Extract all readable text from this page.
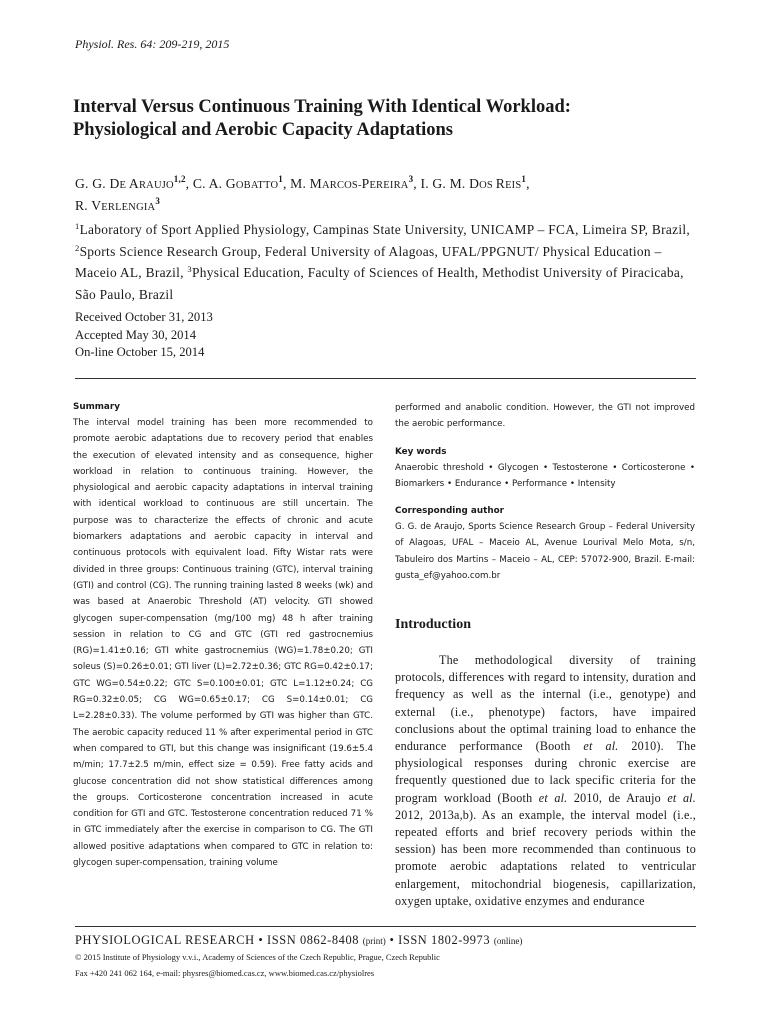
Physiol. Res. 64: 209-219, 2015
Interval Versus Continuous Training With Identical Workload:
Physiological and Aerobic Capacity Adaptations

G. G. DE ARAUJO$^{1,2}$, C. A. GOBATTO$^1$, M. MARCOS-PEREIRA$^3$, I. G. M. DOS REIS$^1$,
R. VERLENGIA$^3$

$^1$Laboratory of Sport Applied Physiology, Campinas State University, UNICAMP – FCA, Limeira SP, Brazil, $^2$Sports Science Research Group, Federal University of Alagoas, UFAL/PPGNUT/ Physical Education – Maceio AL, Brazil, $^3$Physical Education, Faculty of Sciences of Health, Methodist University of Piracicaba, São Paulo, Brazil

Received October 31, 2013
Accepted May 30, 2014
On-line October 15, 2014

Summary

The interval model training has been more recommended to promote aerobic adaptations due to recovery period that enables the execution of elevated intensity and as consequence, higher workload in relation to continuous training. However, the physiological and aerobic capacity adaptations in interval training with identical workload to continuous are still uncertain. The purpose was to characterize the effects of chronic and acute biomarkers adaptations and aerobic capacity in interval and continuous protocols with equivalent load. Fifty Wistar rats were divided in three groups: Continuous training (GTC), interval training (GTI) and control (CG). The running training lasted 8 weeks (wk) and was based at Anaerobic Threshold (AT) velocity. GTI showed glycogen super-compensation (mg/100 mg) 48 h after training session in relation to CG and GTC (GTI red gastrocnemius (RG)=1.41±0.16; GTI white gastrocnemius (WG)=1.78±0.20; GTI soleus (S)=0.26±0.01; GTI liver (L)=2.72±0.36; GTC RG=0.42±0.17; GTC WG=0.54±0.22; GTC S=0.100±0.01; GTC L=1.12±0.24; CG RG=0.32±0.05; CG WG=0.65±0.17; CG S=0.14±0.01; CG L=2.28±0.33). The volume performed by GTI was higher than GTC. The aerobic capacity reduced 11 % after experimental period in GTC when compared to GTI, but this change was insignificant (19.6±5.4 m/min; 17.7±2.5 m/min, effect size = 0.59). Free fatty acids and glucose concentration did not show statistical differences among the groups. Corticosterone concentration increased in acute condition for GTI and GTC. Testosterone concentration reduced 71 % in GTC immediately after the exercise in comparison to CG. The GTI allowed positive adaptations when compared to GTC in relation to: glycogen super-compensation, training volume

performed and anabolic condition. However, the GTI not improved the aerobic performance.

Key words

Anaerobic threshold • Glycogen • Testosterone • Corticosterone • Biomarkers • Endurance • Performance • Intensity

Corresponding author

G. G. de Araujo, Sports Science Research Group – Federal University of Alagoas, UFAL – Maceio AL, Avenue Lourival Melo Mota, s/n, Tabuleiro dos Martins – Maceio – AL, CEP: 57072-900, Brazil. E-mail: gusta_ef@yahoo.com.br

Introduction

The methodological diversity of training protocols, differences with regard to intensity, duration and frequency as well as the internal (i.e., genotype) and external (i.e., phenotype) factors, have impaired conclusions about the optimal training load to enhance the endurance performance (Booth et al. 2010). The physiological responses during chronic exercise are frequently questioned due to lack specific criteria for the program workload (Booth et al. 2010, de Araujo et al. 2012, 2013a,b). As an example, the interval model (i.e., repeated efforts and brief recovery periods within the session) has been more recommended than continuous to promote aerobic adaptations related to ventricular enlargement, mitochondrial biogenesis, capillarization, oxygen uptake, oxidative enzymes and endurance

PHYSIOLOGICAL RESEARCH • ISSN 0862-8408 (print) • ISSN 1802-9973 (online)
© 2015 Institute of Physiology v.v.i., Academy of Sciences of the Czech Republic, Prague, Czech Republic
Fax +420 241 062 164, e-mail: physres@biomed.cas.cz, www.biomed.cas.cz/physiolres
